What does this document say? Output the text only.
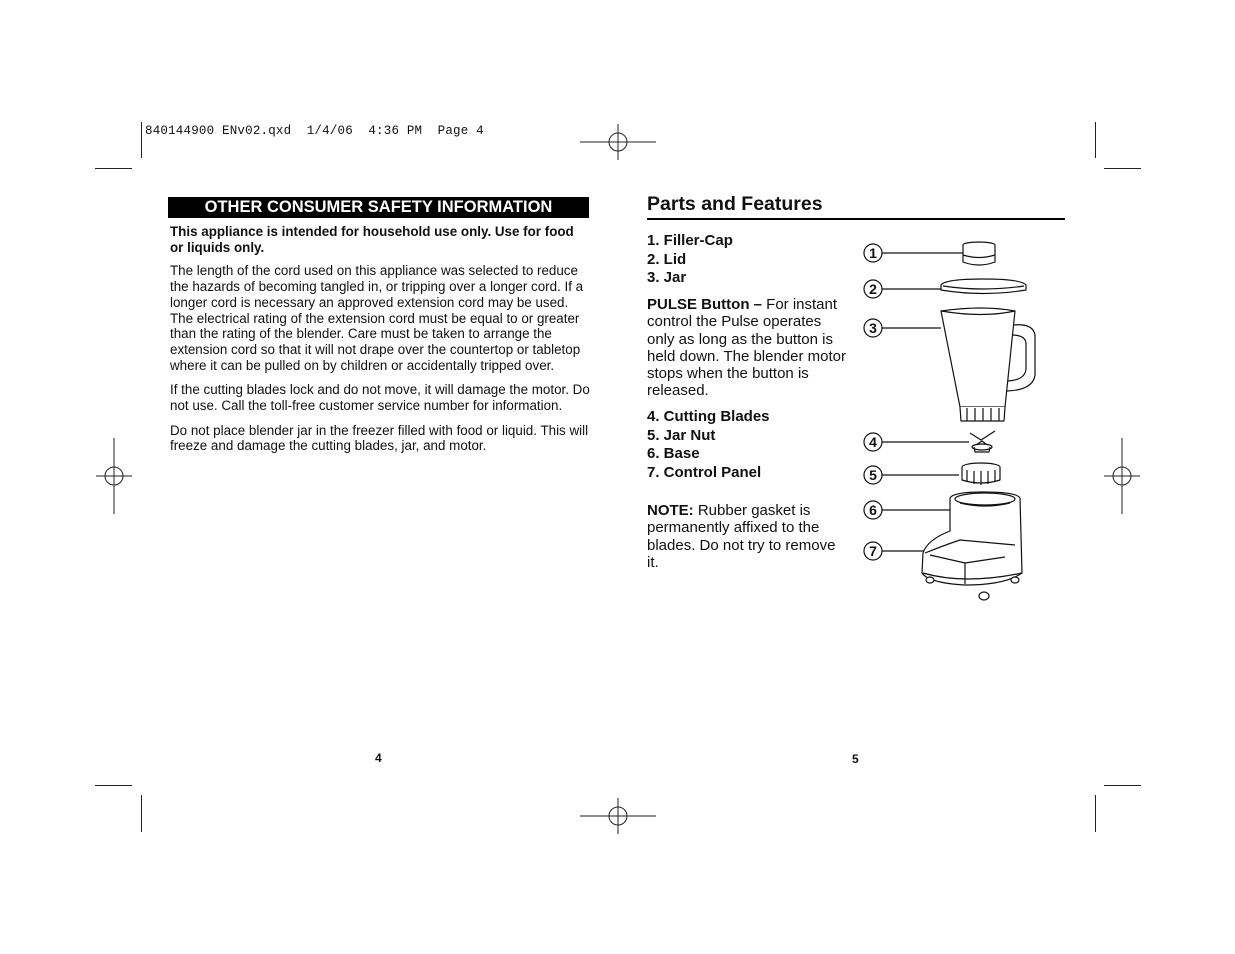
840144900 ENv02.qxd  1/4/06  4:36 PM  Page 4
OTHER CONSUMER SAFETY INFORMATION

This appliance is intended for household use only. Use for food or liquids only.

The length of the cord used on this appliance was selected to reduce the hazards of becoming tangled in, or tripping over a longer cord. If a longer cord is necessary an approved extension cord may be used. The electrical rating of the extension cord must be equal to or greater than the rating of the blender. Care must be taken to arrange the extension cord so that it will not drape over the countertop or tabletop where it can be pulled on by children or accidentally tripped over.

If the cutting blades lock and do not move, it will damage the motor. Do not use. Call the toll-free customer service number for information.

Do not place blender jar in the freezer filled with food or liquid. This will freeze and damage the cutting blades, jar, and motor.

4
Parts and Features
1. Filler-Cap
2. Lid
3. Jar
PULSE Button – For instant control the Pulse operates only as long as the button is held down. The blender motor stops when the button is released.
4. Cutting Blades
5. Jar Nut
6. Base
7. Control Panel
NOTE: Rubber gasket is permanently affixed to the blades. Do not try to remove it.
5
1
2
3
4
5
6
7
